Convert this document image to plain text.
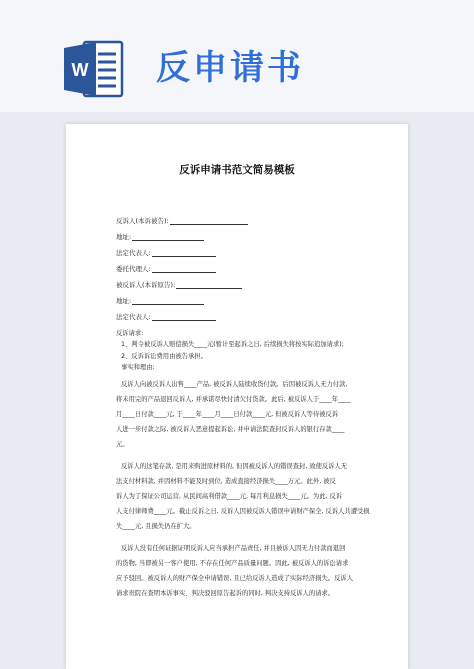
W 反申请书
反诉申请书范文简易模板
反诉人(本诉被告):
地址:
法定代表人:
委托代理人:
被反诉人(本诉原告):
地址:
法定代表人:
反诉请求:
1、判令被反诉人赔偿损失____元(暂计至起诉之日, 后续损失将按实际追加请求);
2、反诉诉讼费用由被告承担。
事实和理由:
反诉人向被反诉人出售____产品, 被反诉人陆续收货付款。后因被反诉人无力付款,
将未用完的产品退回反诉人, 并承诺尽快付清欠付货款。此后, 被反诉人于____年____
月____日付款____元, 于____年____月____日付款____元, 但被反诉人等待被反诉
人进一步付款之际, 被反诉人恶意提起诉讼, 并申请法院查封反诉人的银行存款____
元。
反诉人的这笔存款, 是用来购进原材料的, 但因被反诉人的错误查封, 致使反诉人无
法支付材料款, 并因材料不能及时到位, 造成直接经济损失____万元。此外, 被反
诉人为了保证公司运营, 从民间高利借款____元, 每月利息损失____元。为此, 反诉
人支付律师费____元。截止反诉之日, 反诉人因被反诉人错误申请财产保全, 反诉人共遭受损
失____元, 且损失仍在扩大。
反诉人没有任何证据证明反诉人应当承担产品责任, 并且被诉人因无力付款而退回
的货物, 当即被另一客户使用, 不存在任何产品质量问题。因此, 被反诉人的诉讼请求
应予驳回。被反诉人的财产保全申请错误, 且已给反诉人造成了实际经济损失。反诉人
请求贵院在查明本诉事实、判决驳回原告起诉的同时, 判决支持反诉人的请求。
